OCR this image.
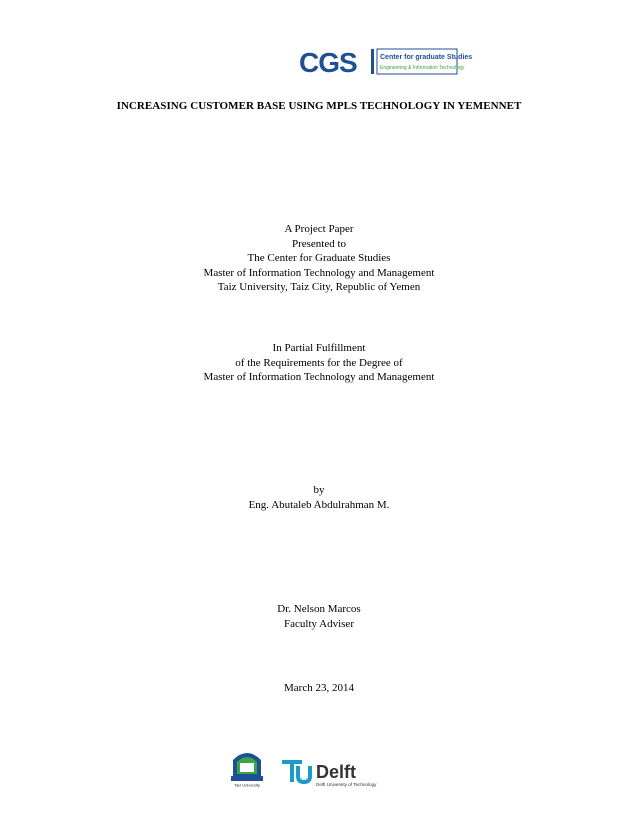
CGS	Center for graduate Studies
Engineering & Information Technology
INCREASING CUSTOMER BASE USING MPLS TECHNOLOGY IN YEMENNET
A Project Paper
Presented to
The Center for Graduate Studies
Master of Information Technology and Management
Taiz University, Taiz City, Republic of Yemen
In Partial Fulfillment
of the Requirements for the Degree of
Master of Information Technology and Management
by
Eng. Abutaleb Abdulrahman M.
Dr. Nelson Marcos
Faculty Adviser
March 23, 2014
Taiz University
Delft
Delft University of Technology
